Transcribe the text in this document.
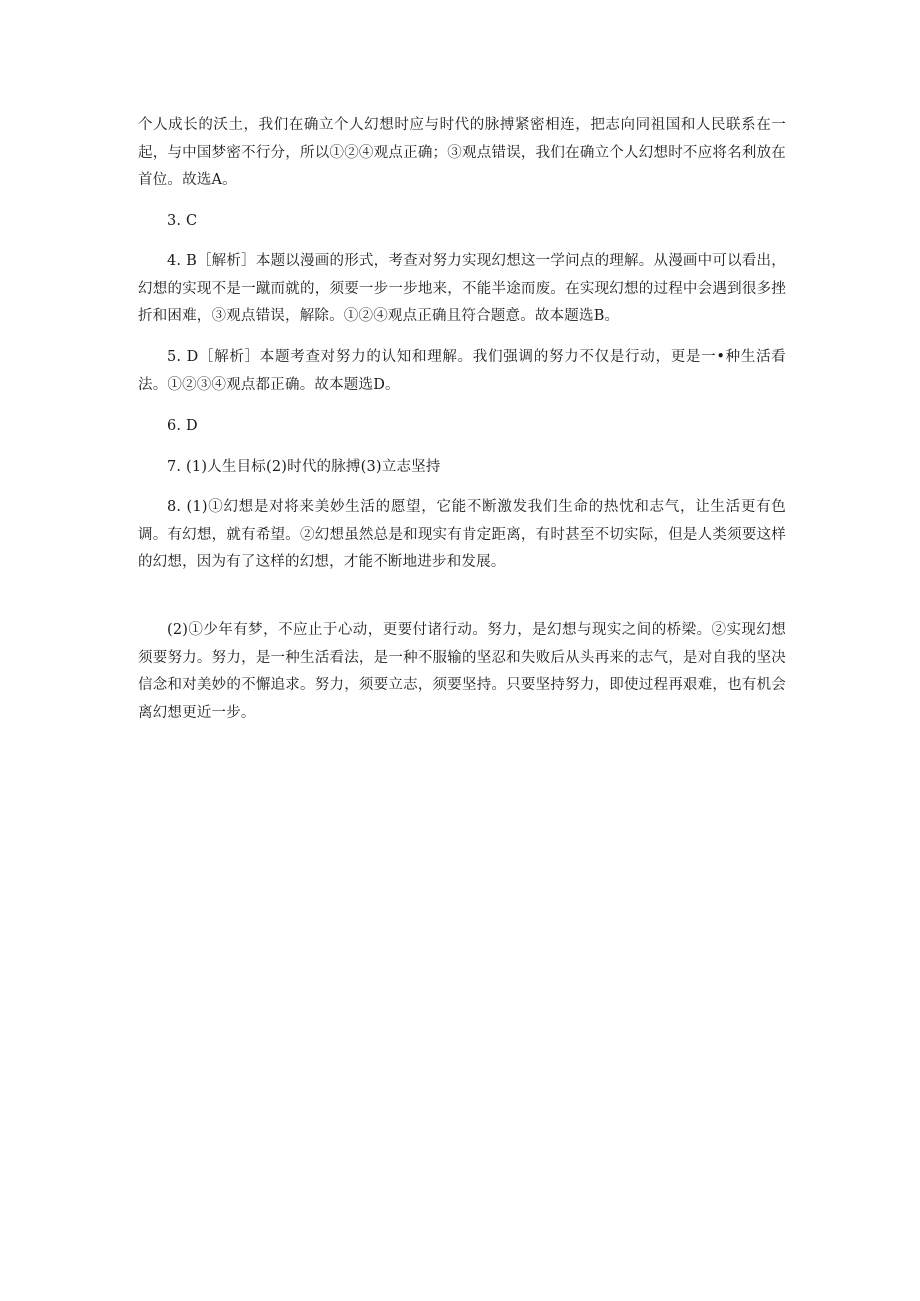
个人成长的沃土，我们在确立个人幻想时应与时代的脉搏紧密相连，把志向同祖国和人民联系在一起，与中国梦密不行分，所以①②④观点正确；③观点错误，我们在确立个人幻想时不应将名利放在首位。故选A。

3. C

4. B［解析］本题以漫画的形式，考查对努力实现幻想这一学问点的理解。从漫画中可以看出，幻想的实现不是一蹴而就的，须要一步一步地来，不能半途而废。在实现幻想的过程中会遇到很多挫折和困难，③观点错误，解除。①②④观点正确且符合题意。故本题选B。

5. D［解析］本题考查对努力的认知和理解。我们强调的努力不仅是行动，更是一•种生活看法。①②③④观点都正确。故本题选D。

6. D

7. (1)人生目标(2)时代的脉搏(3)立志坚持

8. (1)①幻想是对将来美妙生活的愿望，它能不断激发我们生命的热忱和志气，让生活更有色调。有幻想，就有希望。②幻想虽然总是和现实有肯定距离，有时甚至不切实际，但是人类须要这样的幻想，因为有了这样的幻想，才能不断地进步和发展。

(2)①少年有梦，不应止于心动，更要付诸行动。努力，是幻想与现实之间的桥梁。②实现幻想须要努力。努力，是一种生活看法，是一种不服输的坚忍和失败后从头再来的志气，是对自我的坚决信念和对美妙的不懈追求。努力，须要立志，须要坚持。只要坚持努力，即使过程再艰难，也有机会离幻想更近一步。
